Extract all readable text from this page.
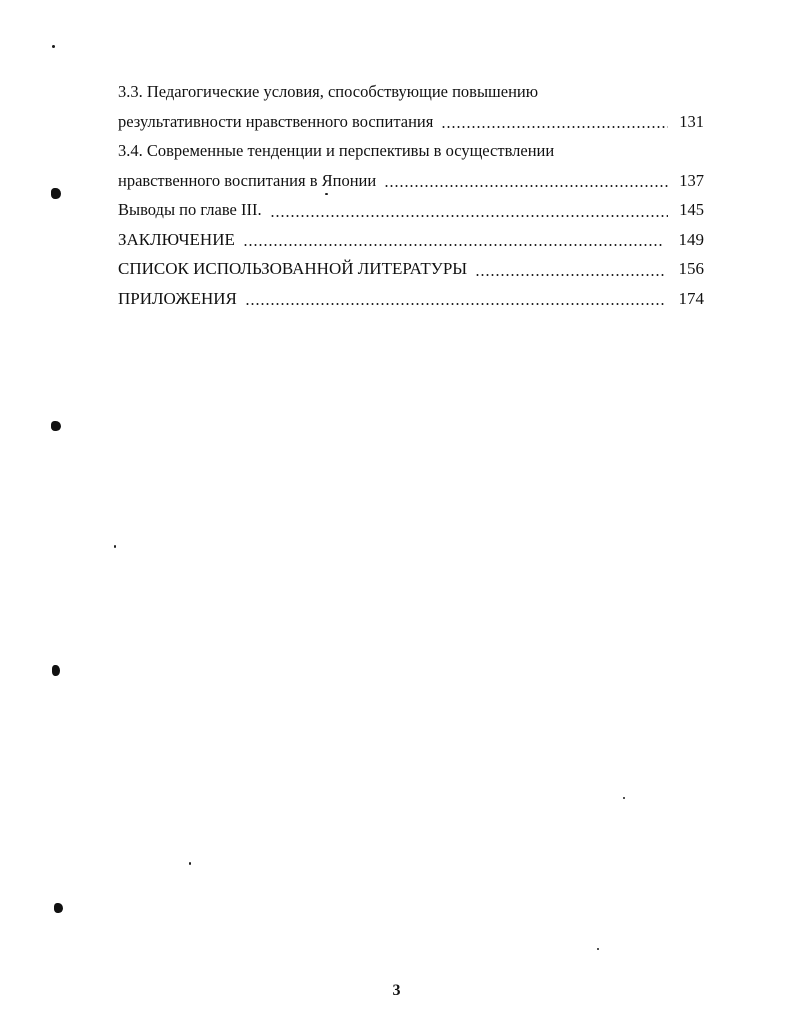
3.3. Педагогические условия, способствующие повышению
результативности нравственного воспитания	131
3.4. Современные тенденции и перспективы в осуществлении
нравственного воспитания в Японии	137
Выводы по главе III.	145
ЗАКЛЮЧЕНИЕ	149
СПИСОК ИСПОЛЬЗОВАННОЙ ЛИТЕРАТУРЫ	156
ПРИЛОЖЕНИЯ	174
3
